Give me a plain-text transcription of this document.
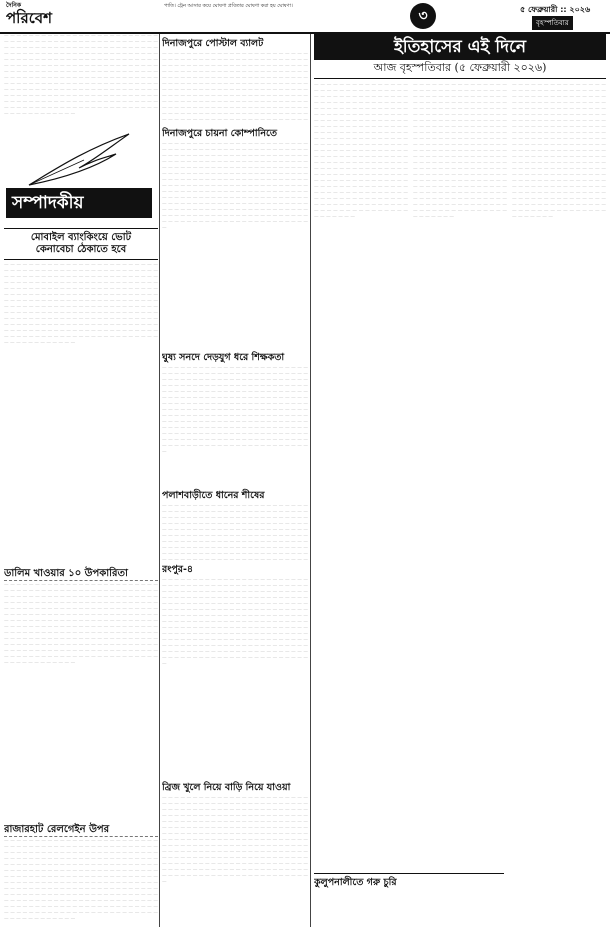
দৈনিক
পরিবেশ
পাতি। ট্রেন আসার কয়ে ঘোষণা প্রবিতার ঘোষণা করা হয় ঘোষণা।
৩	৫ ফেব্রুয়ারী :: ২০২৬
বৃহস্পতিবার
— — —
সম্পাদকীয়
মোবাইল ব্যাংকিংয়ে ভোট
কেনাবেচা ঠেকাতে হবে
— — —
ডালিম খাওয়ার ১০ উপকারিতা
— — —
রাজারহাট রেলগেইন উপর
— — —
দিনাজপুরে পোস্টাল ব্যালট
— — —
দিনাজপুরে চায়না কোম্পানিতে
— — —
ঘুষ্য সনদে দেড়যুগ ধরে শিক্ষকতা
— — —
পলাশবাড়ীতে ধানের শীষের
— — —
রংপুর-৪
— — —
ব্রিজ খুলে নিয়ে বাড়ি নিয়ে যাওয়া
— — —
ইতিহাসের এই দিনে
আজ বৃহস্পতিবার (৫ ফেব্রুয়ারী ২০২৬)
— — —
— — —
— — —
কুলুপনালীতে গরু চুরি
